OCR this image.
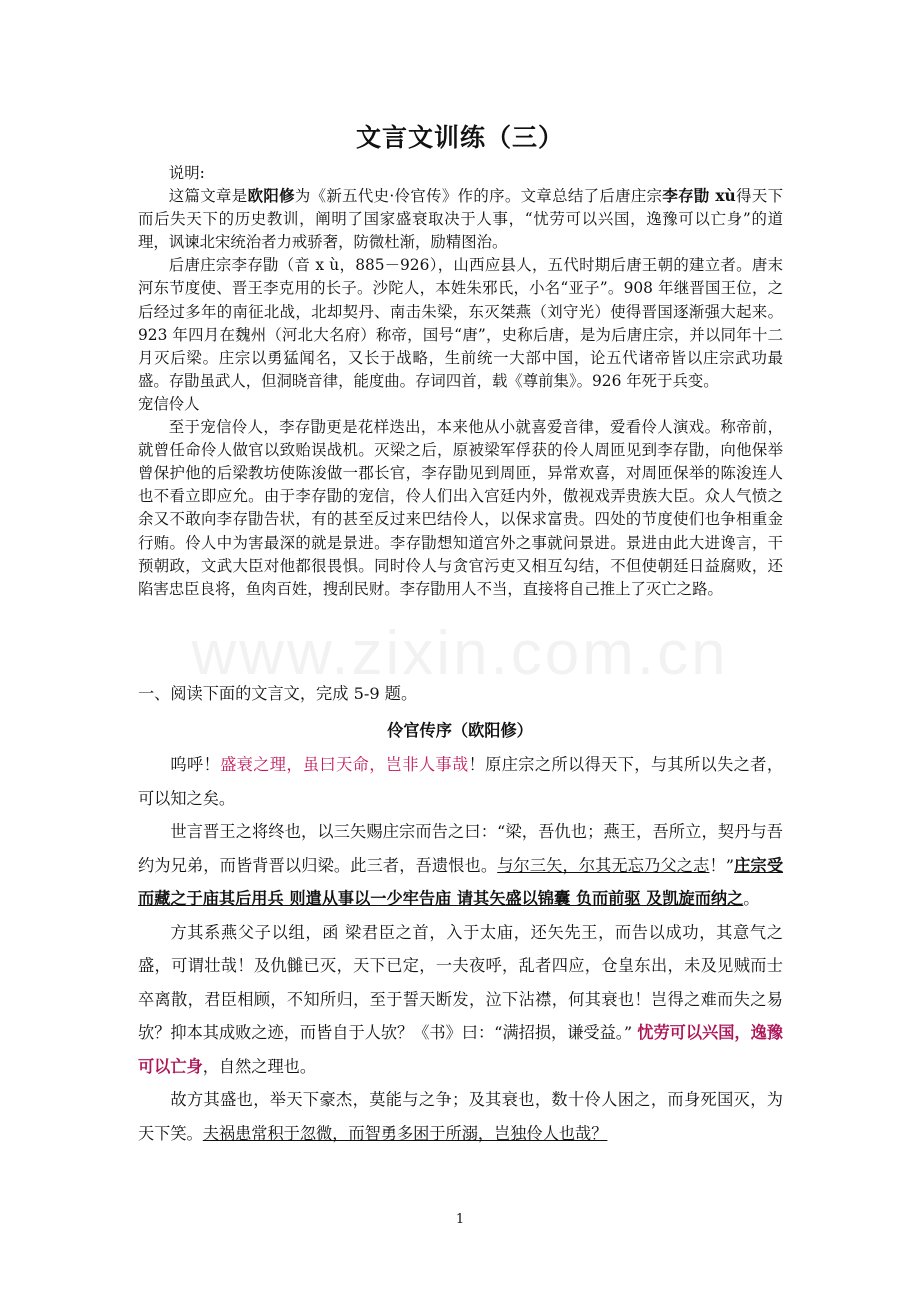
www.zixin.com.cn
文言文训练（三）

说明:

这篇文章是欧阳修为《新五代史·伶官传》作的序。文章总结了后唐庄宗李存勖 xù得天下而后失天下的历史教训，阐明了国家盛衰取决于人事，“忧劳可以兴国，逸豫可以亡身”的道理，讽谏北宋统治者力戒骄奢，防微杜渐，励精图治。

后唐庄宗李存勖（音 x ù，885－926），山西应县人，五代时期后唐王朝的建立者。唐末河东节度使、晋王李克用的长子。沙陀人，本姓朱邪氏，小名“亚子”。908 年继晋国王位，之后经过多年的南征北战，北却契丹、南击朱梁，东灭桀燕（刘守光）使得晋国逐渐强大起来。923 年四月在魏州（河北大名府）称帝，国号“唐”，史称后唐，是为后唐庄宗，并以同年十二月灭后梁。庄宗以勇猛闻名，又长于战略，生前统一大部中国，论五代诸帝皆以庄宗武功最盛。存勖虽武人，但洞晓音律，能度曲。存词四首，载《尊前集》。926 年死于兵变。

宠信伶人

至于宠信伶人，李存勖更是花样迭出，本来他从小就喜爱音律，爱看伶人演戏。称帝前，就曾任命伶人做官以致贻误战机。灭梁之后，原被梁军俘获的伶人周匝见到李存勖，向他保举曾保护他的后梁教坊使陈浚做一郡长官，李存勖见到周匝，异常欢喜，对周匝保举的陈浚连人也不看立即应允。由于李存勖的宠信，伶人们出入宫廷内外，傲视戏弄贵族大臣。众人气愤之余又不敢向李存勖告状，有的甚至反过来巴结伶人，以保求富贵。四处的节度使们也争相重金行贿。伶人中为害最深的就是景进。李存勖想知道宫外之事就问景进。景进由此大进谗言，干预朝政，文武大臣对他都很畏惧。同时伶人与贪官污吏又相互勾结，不但使朝廷日益腐败，还陷害忠臣良将，鱼肉百姓，搜刮民财。李存勖用人不当，直接将自己推上了灭亡之路。

一、阅读下面的文言文，完成 5-9 题。
伶官传序（欧阳修）

呜呼！盛衰之理，虽曰天命，岂非人事哉！原庄宗之所以得天下，与其所以失之者，可以知之矣。

世言晋王之将终也，以三矢赐庄宗而告之曰：“梁，吾仇也；燕王，吾所立，契丹与吾约为兄弟，而皆背晋以归梁。此三者，吾遗恨也。与尔三矢，尔其无忘乃父之志！”庄宗受而藏之于庙其后用兵 则遣从事以一少牢告庙 请其矢盛以锦囊 负而前驱 及凯旋而纳之。

方其系燕父子以组，函 梁君臣之首，入于太庙，还矢先王，而告以成功，其意气之盛，可谓壮哉！及仇雠已灭，天下已定，一夫夜呼，乱者四应，仓皇东出，未及见贼而士卒离散，君臣相顾，不知所归，至于誓天断发，泣下沾襟，何其衰也！岂得之难而失之易欤？抑本其成败之迹，而皆自于人欤？《书》曰：“满招损，谦受益。” 忧劳可以兴国，逸豫可以亡身，自然之理也。

故方其盛也，举天下豪杰，莫能与之争；及其衰也，数十伶人困之，而身死国灭，为天下笑。夫祸患常积于忽微，而智勇多困于所溺，岂独伶人也哉？

1
